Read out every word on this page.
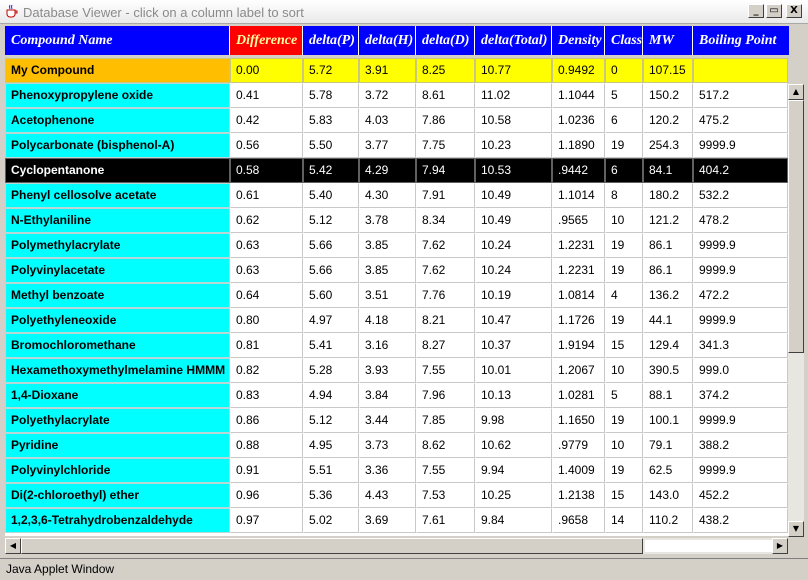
Database Viewer - click on a column label to sort	_	▭	X
Compound Name	Difference delta(P) delta(H) delta(D) delta(Total) Density Class MW	Boiling Point
My Compound	0.00	5.72	3.91	8.25	10.77	0.9492	0	107.15
Phenoxypropylene oxide	0.41	5.78	3.72	8.61	11.02	1.1044	5	150.2	517.2
Acetophenone	0.42	5.83	4.03	7.86	10.58	1.0236	6	120.2	475.2
Polycarbonate (bisphenol-A)	0.56	5.50	3.77	7.75	10.23	1.1890	19	254.3	9999.9
Cyclopentanone	0.58	5.42	4.29	7.94	10.53	.9442	6	84.1	404.2
Phenyl cellosolve acetate	0.61	5.40	4.30	7.91	10.49	1.1014	8	180.2	532.2
N-Ethylaniline	0.62	5.12	3.78	8.34	10.49	.9565	10	121.2	478.2
Polymethylacrylate	0.63	5.66	3.85	7.62	10.24	1.2231	19	86.1	9999.9
Polyvinylacetate	0.63	5.66	3.85	7.62	10.24	1.2231	19	86.1	9999.9
Methyl benzoate	0.64	5.60	3.51	7.76	10.19	1.0814	4	136.2	472.2
Polyethyleneoxide	0.80	4.97	4.18	8.21	10.47	1.1726	19	44.1	9999.9
Bromochloromethane	0.81	5.41	3.16	8.27	10.37	1.9194	15	129.4	341.3
Hexamethoxymethylmelamine HMMM 0.82	5.28	3.93	7.55	10.01	1.2067	10	390.5	999.0
1,4-Dioxane	0.83	4.94	3.84	7.96	10.13	1.0281	5	88.1	374.2
Polyethylacrylate	0.86	5.12	3.44	7.85	9.98	1.1650	19	100.1	9999.9
Pyridine	0.88	4.95	3.73	8.62	10.62	.9779	10	79.1	388.2
Polyvinylchloride	0.91	5.51	3.36	7.55	9.94	1.4009	19	62.5	9999.9
Di(2-chloroethyl) ether	0.96	5.36	4.43	7.53	10.25	1.2138	15	143.0	452.2
1,2,3,6-Tetrahydrobenzaldehyde	0.97	5.02	3.69	7.61	9.84	.9658	14	110.2	438.2
▲
▼
◀	▶
Java Applet Window
